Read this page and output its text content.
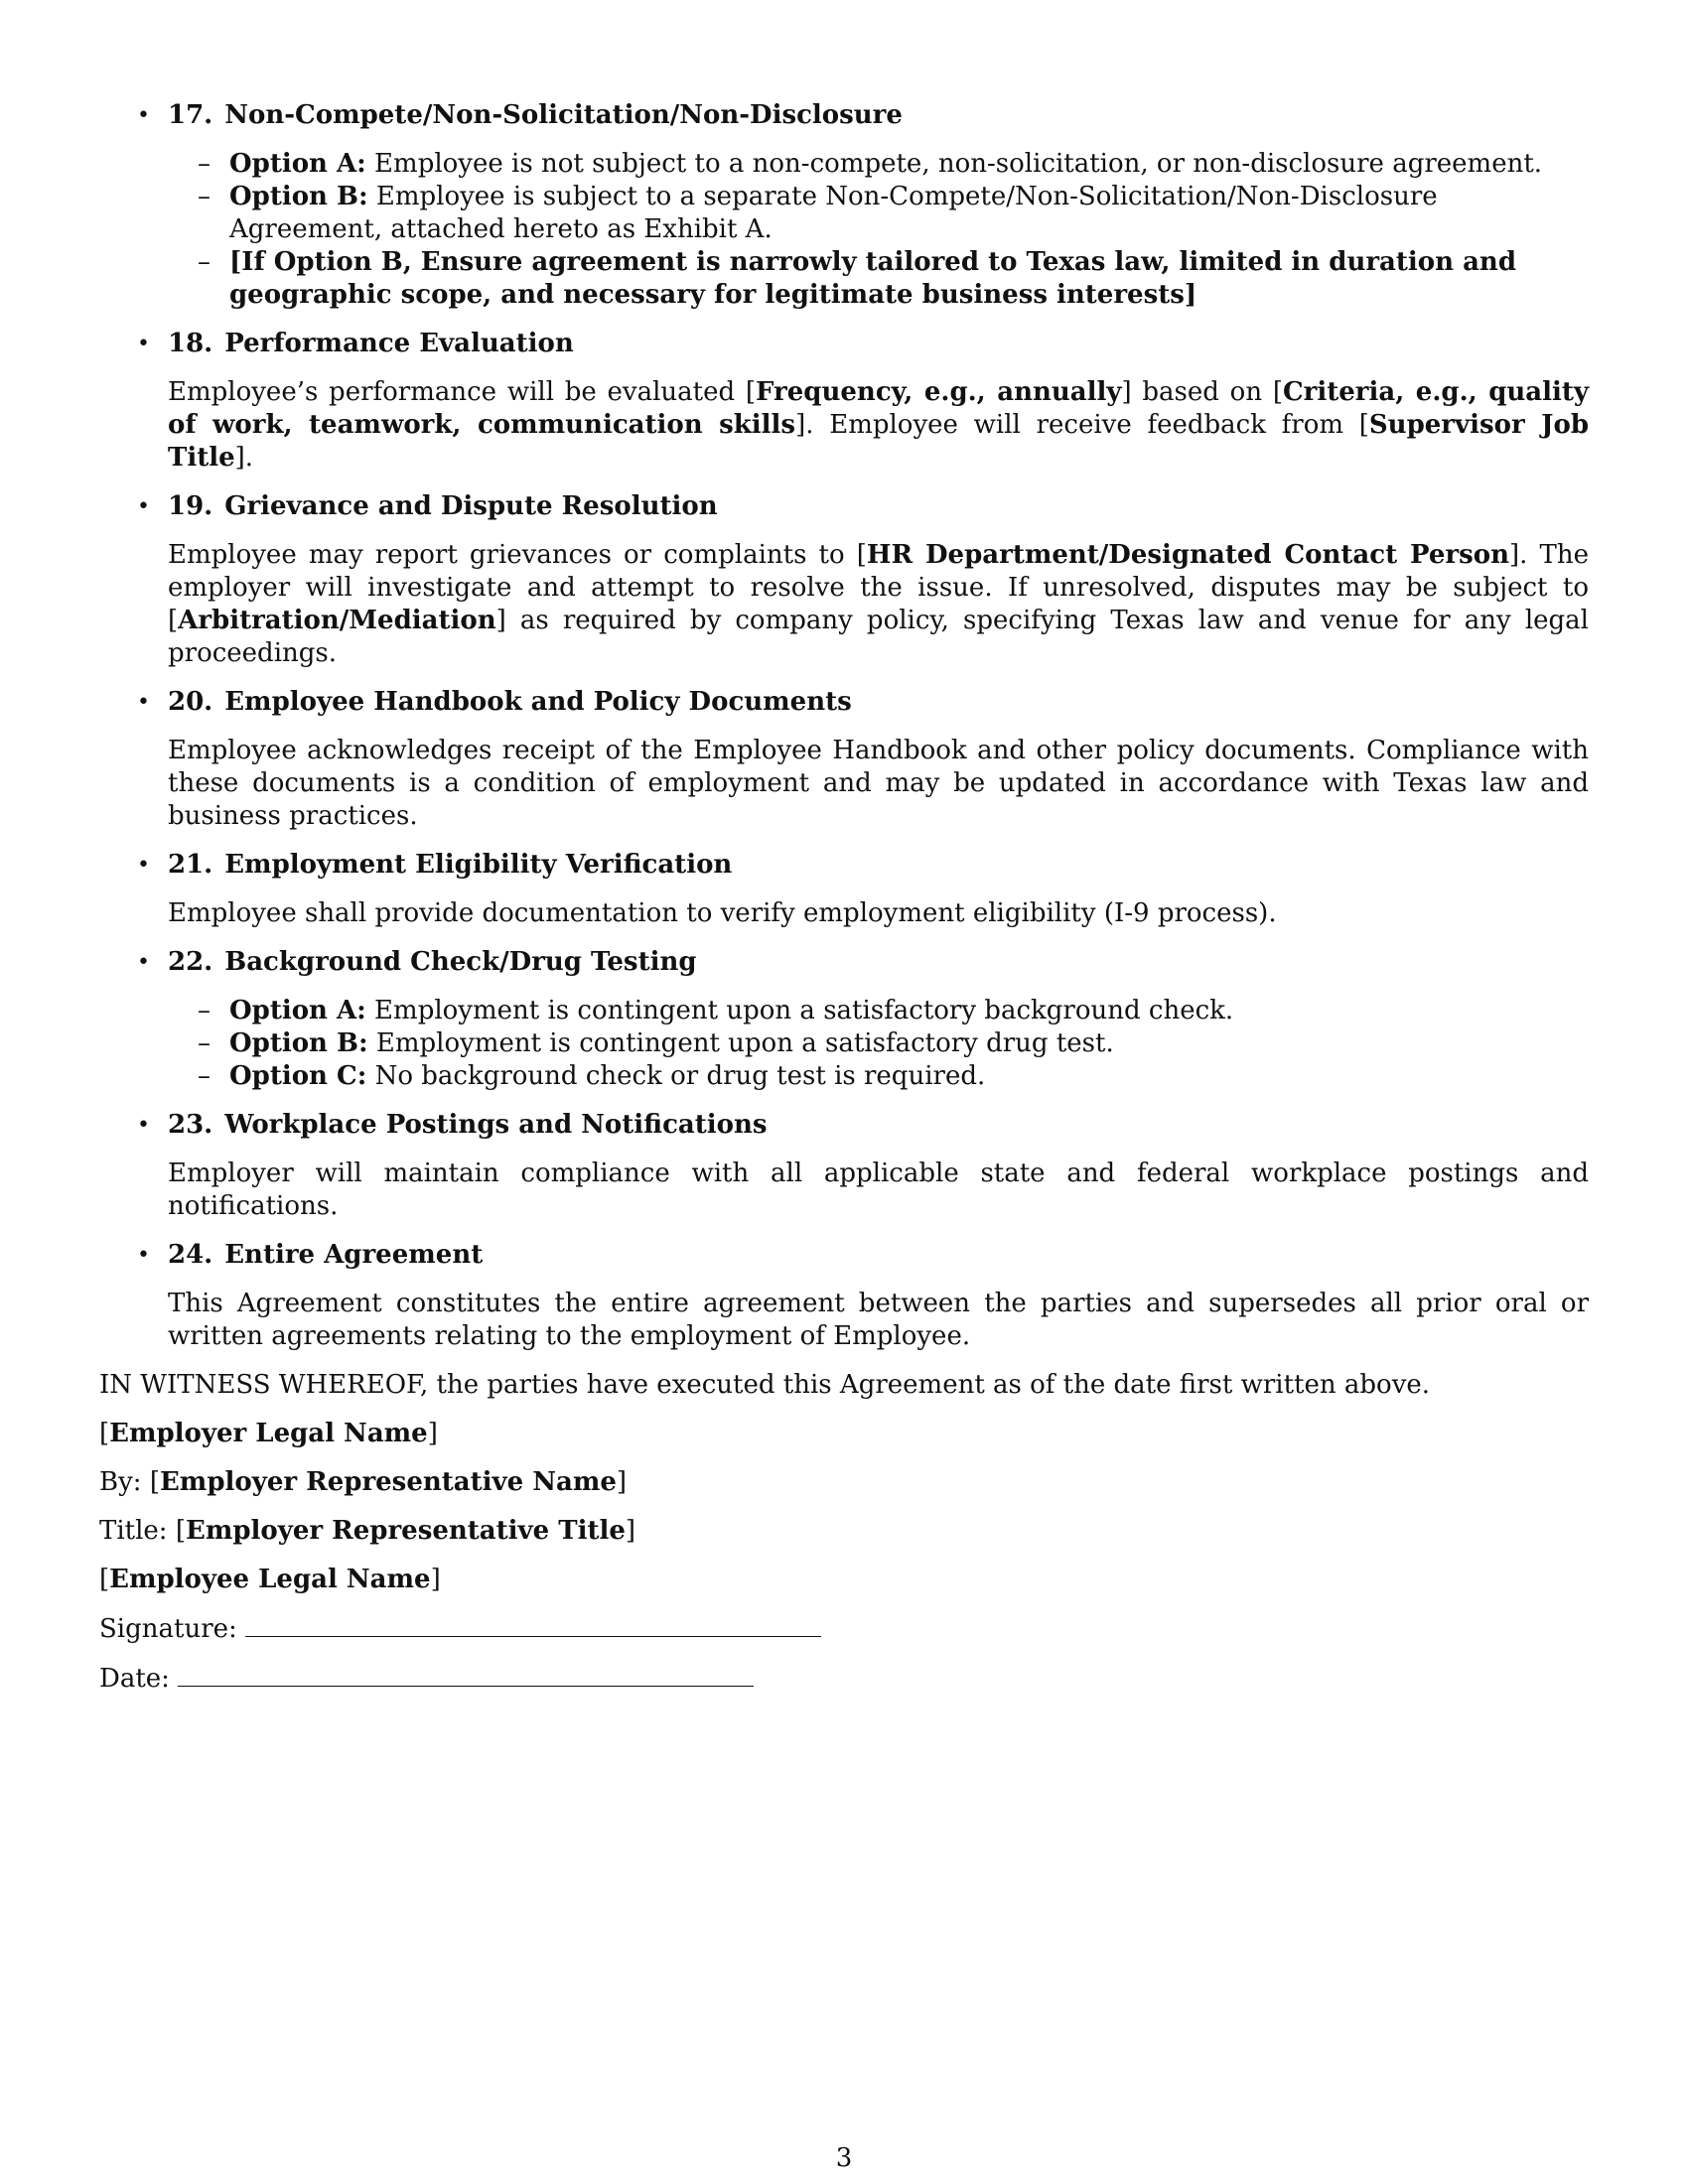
• 17. Non-Compete/Non-Solicitation/Non-Disclosure

– Option A: Employee is not subject to a non-compete, non-solicitation, or non-disclosure agreement.
– Option B: Employee is subject to a separate Non-Compete/Non-Solicitation/Non-Disclosure Agreement, attached hereto as Exhibit A.
– [If Option B, Ensure agreement is narrowly tailored to Texas law, limited in duration and geographic scope, and necessary for legitimate business interests]
• 18. Performance Evaluation

Employee’s performance will be evaluated [Frequency, e.g., annually] based on [Criteria, e.g., quality of work, teamwork, communication skills]. Employee will receive feedback from [Supervisor Job Title].

• 19. Grievance and Dispute Resolution

Employee may report grievances or complaints to [HR Department/Designated Contact Person]. The employer will investigate and attempt to resolve the issue. If unresolved, disputes may be subject to [Arbitration/Mediation] as required by company policy, specifying Texas law and venue for any legal proceedings.

• 20. Employee Handbook and Policy Documents

Employee acknowledges receipt of the Employee Handbook and other policy documents. Compliance with these documents is a condition of employment and may be updated in accordance with Texas law and business practices.

• 21. Employment Eligibility Verification

Employee shall provide documentation to verify employment eligibility (I-9 process).

• 22. Background Check/Drug Testing

– Option A: Employment is contingent upon a satisfactory background check.
– Option B: Employment is contingent upon a satisfactory drug test.
– Option C: No background check or drug test is required.
• 23. Workplace Postings and Notifications

Employer will maintain compliance with all applicable state and federal workplace postings and notifications.

• 24. Entire Agreement

This Agreement constitutes the entire agreement between the parties and supersedes all prior oral or written agreements relating to the employment of Employee.

IN WITNESS WHEREOF, the parties have executed this Agreement as of the date first written above.

[Employer Legal Name]

By: [Employer Representative Name]

Title: [Employer Representative Title]

[Employee Legal Name]

Signature:

Date:

3
